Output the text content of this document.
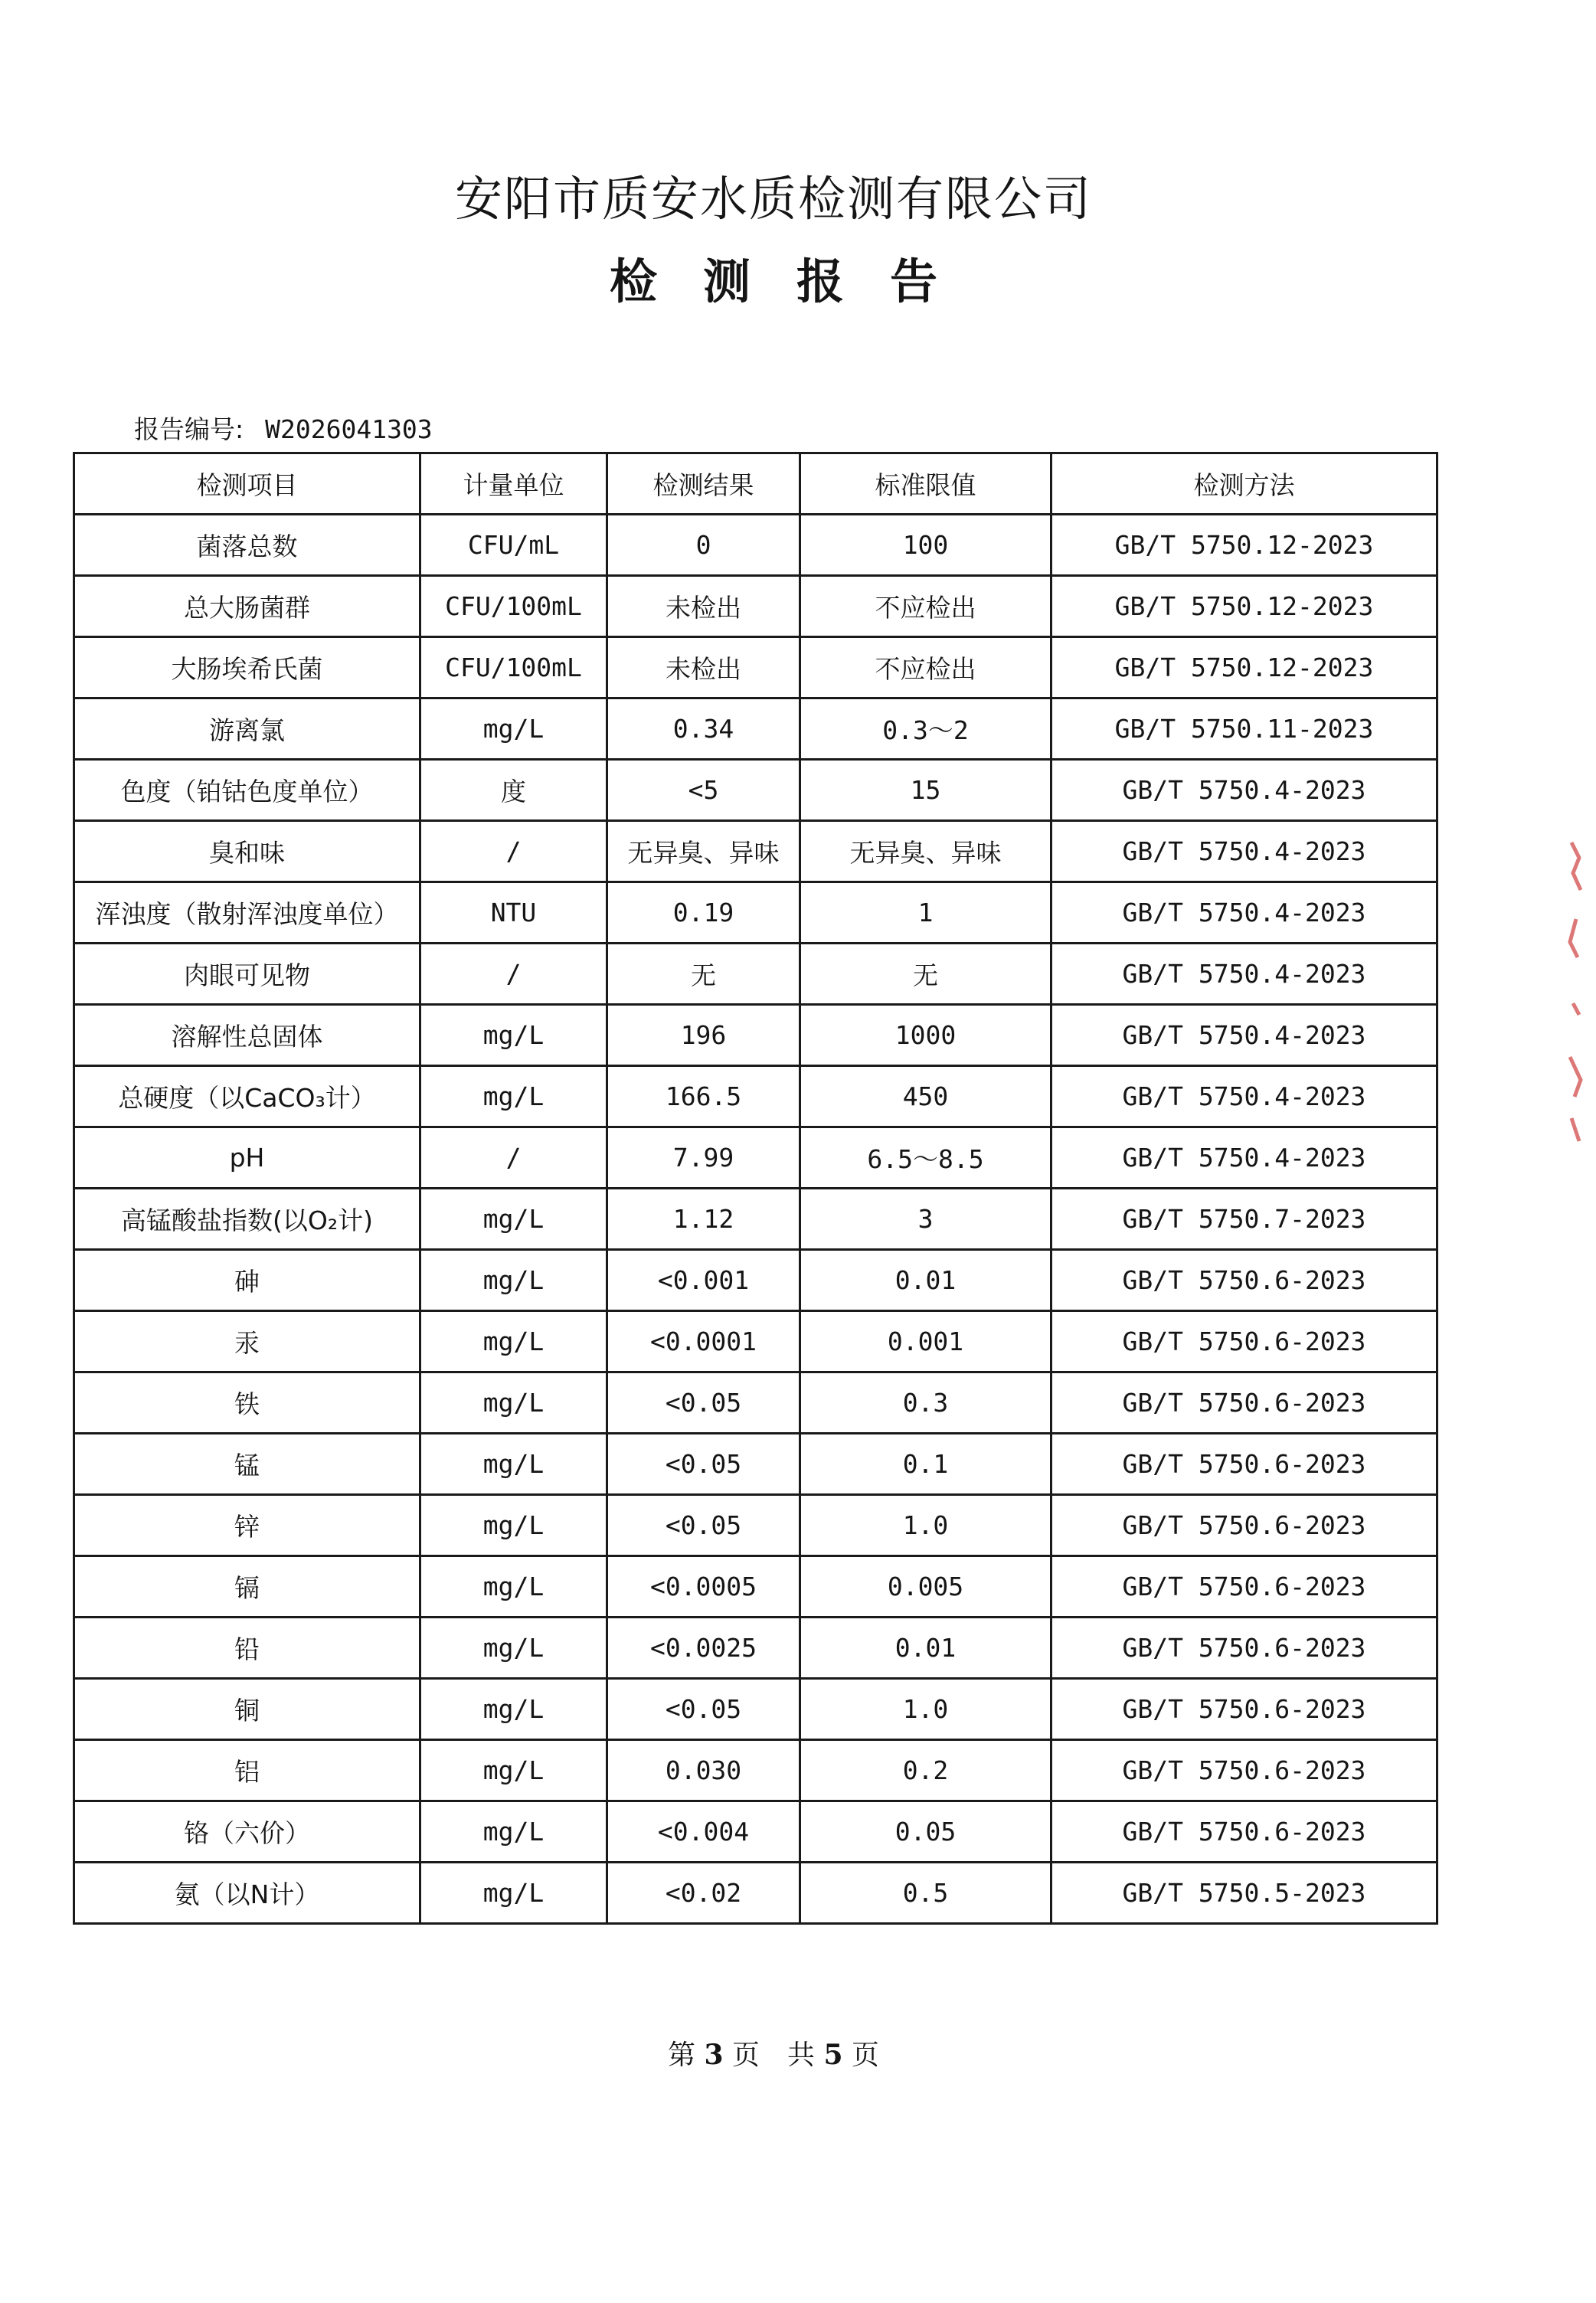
安阳市质安水质检测有限公司
检测报告
报告编号: W2026041303
检测项目	计量单位	检测结果	标准限值	检测方法
菌落总数	CFU/mL	0	100	GB/T 5750.12-2023
总大肠菌群	CFU/100mL	未检出	不应检出	GB/T 5750.12-2023
大肠埃希氏菌	CFU/100mL	未检出	不应检出	GB/T 5750.12-2023
游离氯	mg/L	0.34	0.3～2	GB/T 5750.11-2023
色度（铂钴色度单位）	度	<5	15	GB/T 5750.4-2023
臭和味	/	无异臭、异味	无异臭、异味	GB/T 5750.4-2023
浑浊度（散射浑浊度单位）	NTU	0.19	1	GB/T 5750.4-2023
肉眼可见物	/	无	无	GB/T 5750.4-2023
溶解性总固体	mg/L	196	1000	GB/T 5750.4-2023
总硬度（以CaCO₃计）	mg/L	166.5	450	GB/T 5750.4-2023
pH	/	7.99	6.5～8.5	GB/T 5750.4-2023
高锰酸盐指数(以O₂计)	mg/L	1.12	3	GB/T 5750.7-2023
砷	mg/L	<0.001	0.01	GB/T 5750.6-2023
汞	mg/L	<0.0001	0.001	GB/T 5750.6-2023
铁	mg/L	<0.05	0.3	GB/T 5750.6-2023
锰	mg/L	<0.05	0.1	GB/T 5750.6-2023
锌	mg/L	<0.05	1.0	GB/T 5750.6-2023
镉	mg/L	<0.0005	0.005	GB/T 5750.6-2023
铅	mg/L	<0.0025	0.01	GB/T 5750.6-2023
铜	mg/L	<0.05	1.0	GB/T 5750.6-2023
铝	mg/L	0.030	0.2	GB/T 5750.6-2023
铬（六价）	mg/L	<0.004	0.05	GB/T 5750.6-2023
氨（以N计）	mg/L	<0.02	0.5	GB/T 5750.5-2023
第 3 页　共 5 页
